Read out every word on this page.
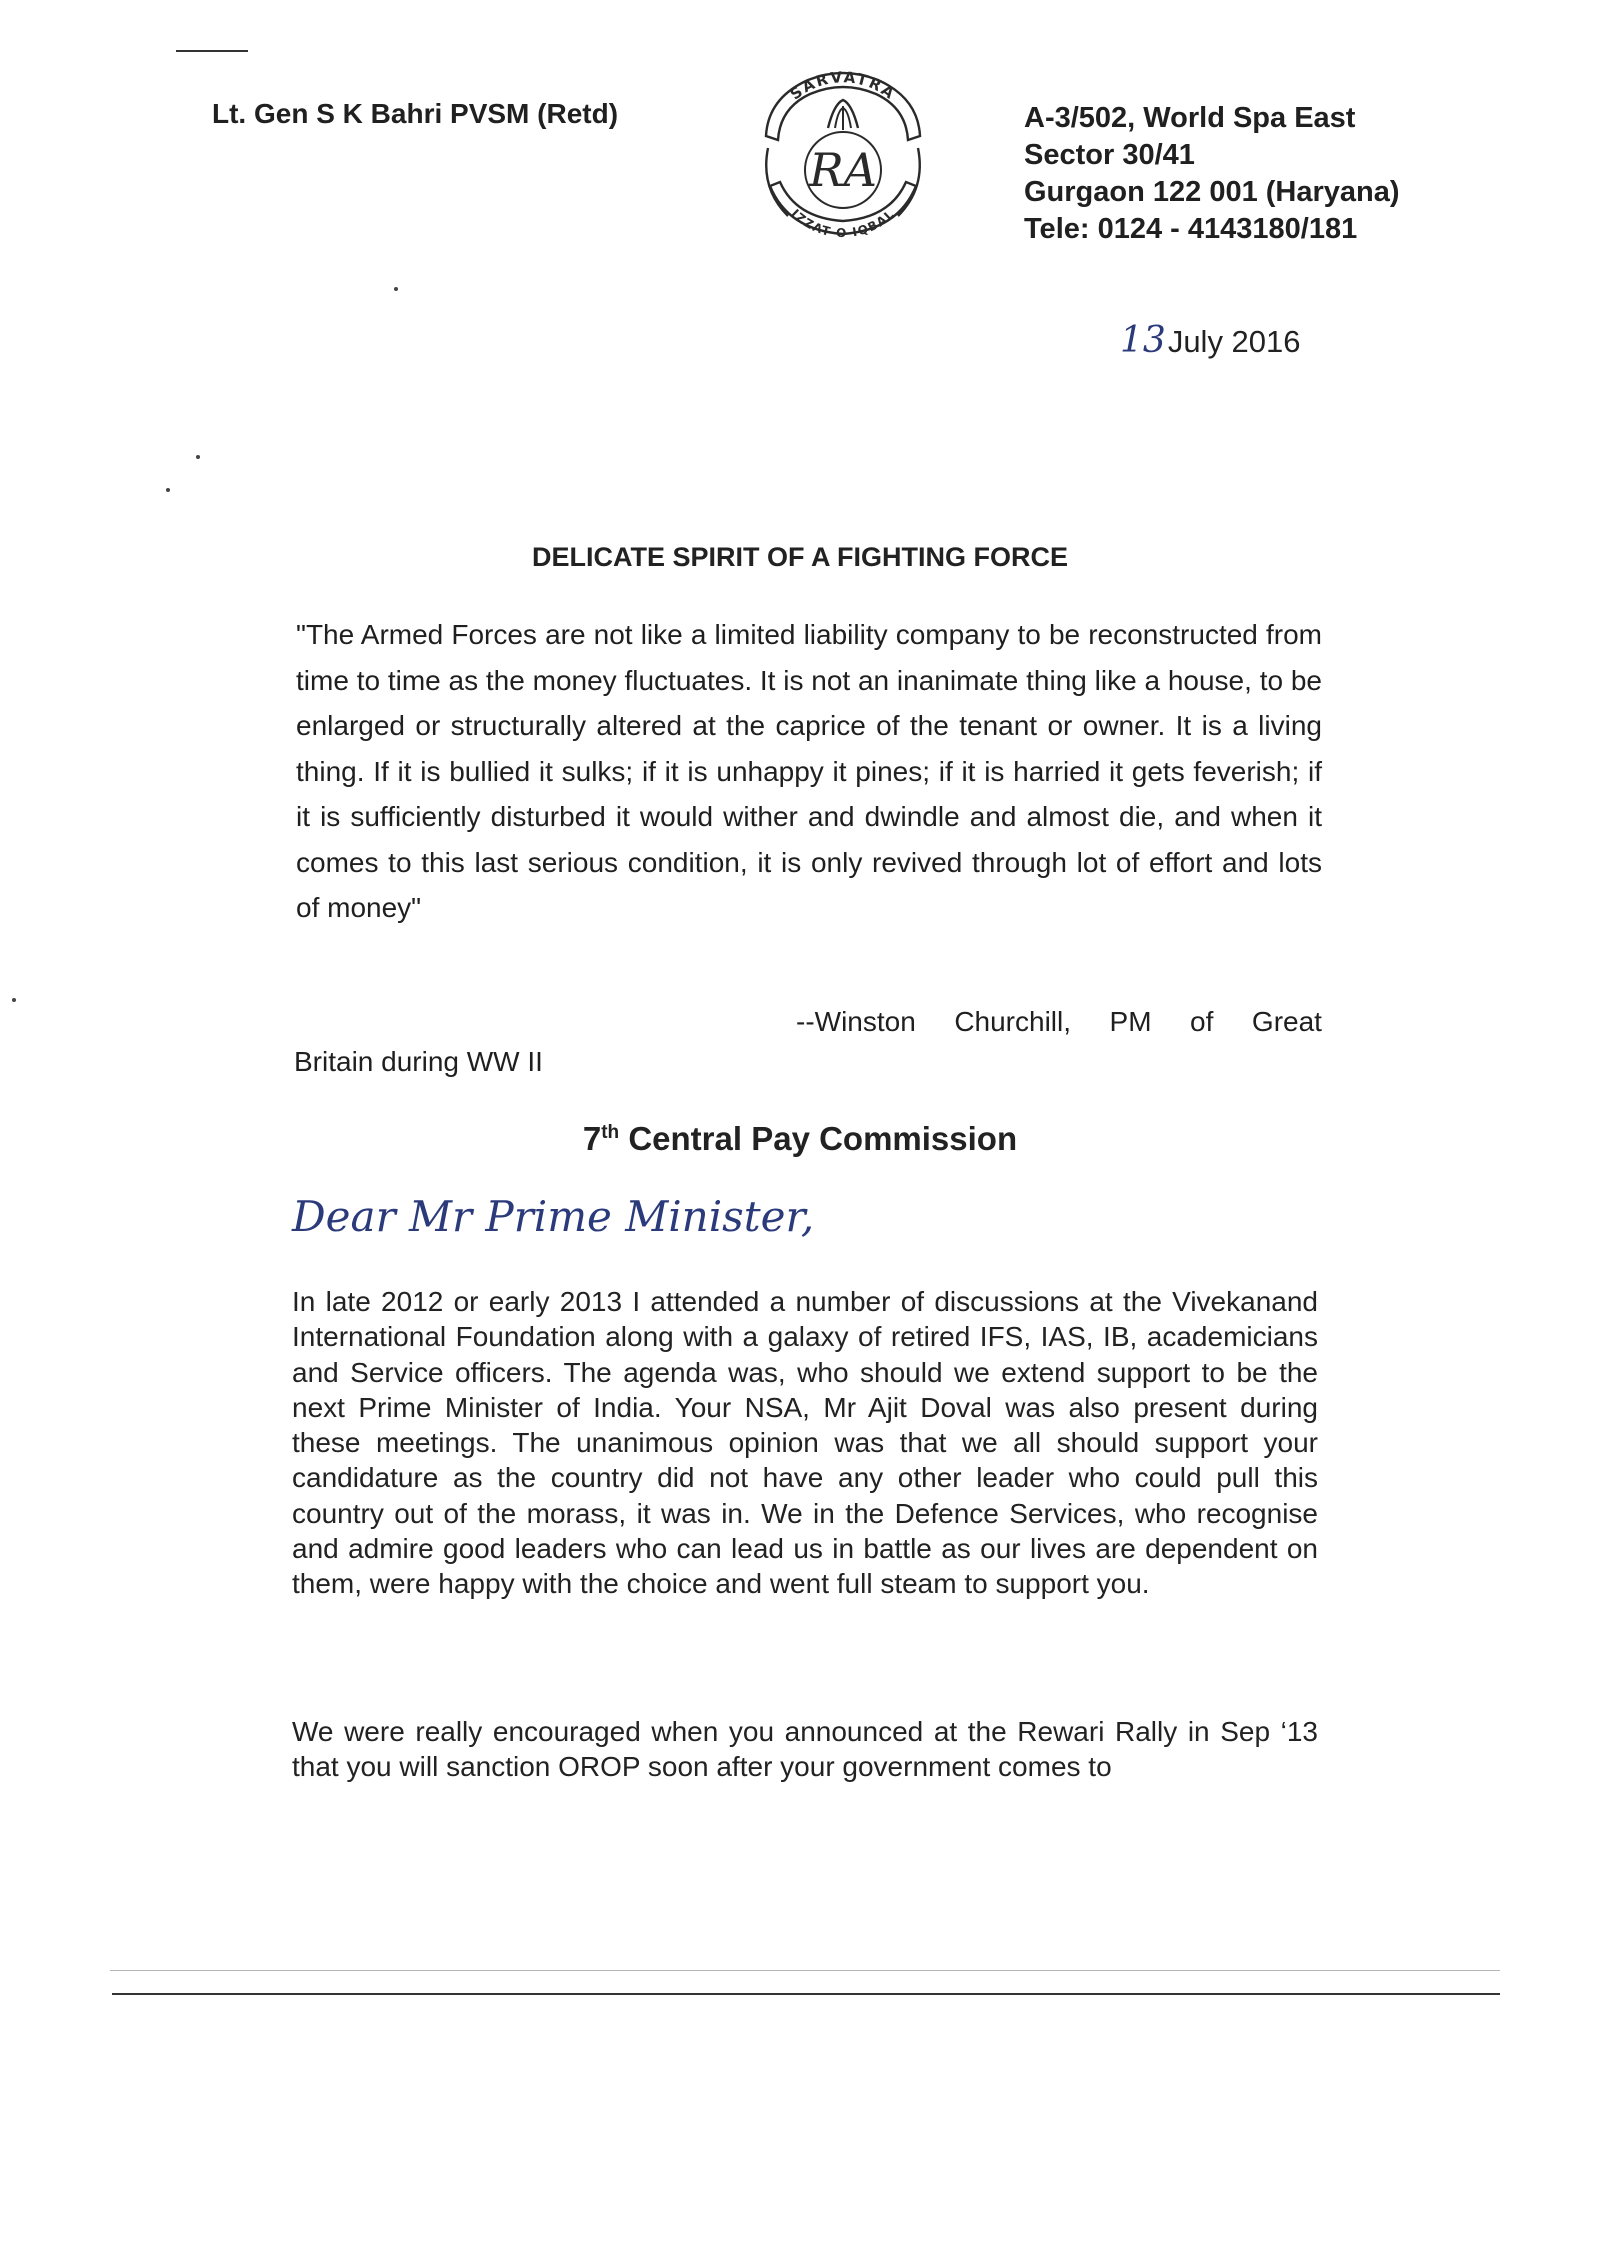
Lt. Gen S K Bahri PVSM (Retd)
SARVATRA
RA
IZZAT O IQBAL
A-3/502, World Spa East
Sector 30/41
Gurgaon 122 001 (Haryana)
Tele: 0124 - 4143180/181
13July 2016
DELICATE SPIRIT OF A FIGHTING FORCE
"The Armed Forces are not like a limited liability company to be reconstructed from time to time as the money fluctuates. It is not an inanimate thing like a house, to be enlarged or structurally altered at the caprice of the tenant or owner. It is a living thing. If it is bullied it sulks; if it is unhappy it pines; if it is harried it gets feverish; if it is sufficiently disturbed it would wither and dwindle and almost die, and when it comes to this last serious condition, it is only revived through lot of effort and lots of money"
--Winston Churchill, PM of Great
Britain during WW II
7th Central Pay Commission
Dear Mr Prime Minister,
In late 2012 or early 2013 I attended a number of discussions at the Vivekanand International Foundation along with a galaxy of retired IFS, IAS, IB, academicians and Service officers. The agenda was, who should we extend support to be the next Prime Minister of India. Your NSA, Mr Ajit Doval was also present during these meetings. The unanimous opinion was that we all should support your candidature as the country did not have any other leader who could pull this country out of the morass, it was in. We in the Defence Services, who recognise and admire good leaders who can lead us in battle as our lives are dependent on them, were happy with the choice and went full steam to support you.
We were really encouraged when you announced at the Rewari Rally in Sep ‘13 that you will sanction OROP soon after your government comes to
